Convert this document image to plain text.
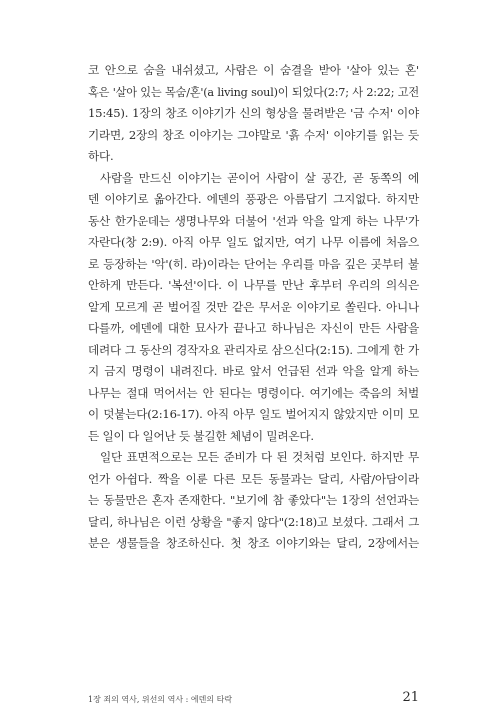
코 안으로 숨을 내쉬셨고, 사람은 이 숨결을 받아 '살아 있는 혼'
혹은 '살아 있는 목숨/혼'(a living soul)이 되었다(2:7; 사 2:22; 고전
15:45). 1장의 창조 이야기가 신의 형상을 물려받은 '금 수저' 이야
기라면, 2장의 창조 이야기는 그야말로 '흙 수저' 이야기를 읽는 듯
하다.
사람을 만드신 이야기는 곧이어 사람이 살 공간, 곧 동쪽의 에
덴 이야기로 옮아간다. 에덴의 풍광은 아름답기 그지없다. 하지만
동산 한가운데는 생명나무와 더불어 '선과 악을 알게 하는 나무'가
자란다(창 2:9). 아직 아무 일도 없지만, 여기 나무 이름에 처음으
로 등장하는 '악'(히. 라)이라는 단어는 우리를 마음 깊은 곳부터 불
안하게 만든다. '복선'이다. 이 나무를 만난 후부터 우리의 의식은
알게 모르게 곧 벌어질 것만 같은 무서운 이야기로 쏠린다. 아니나
다를까, 에덴에 대한 묘사가 끝나고 하나님은 자신이 만든 사람을
데려다 그 동산의 경작자요 관리자로 삼으신다(2:15). 그에게 한 가
지 금지 명령이 내려진다. 바로 앞서 언급된 선과 악을 알게 하는
나무는 절대 먹어서는 안 된다는 명령이다. 여기에는 죽음의 처벌
이 덧붙는다(2:16-17). 아직 아무 일도 벌어지지 않았지만 이미 모
든 일이 다 일어난 듯 불길한 체념이 밀려온다.
일단 표면적으로는 모든 준비가 다 된 것처럼 보인다. 하지만 무
언가 아쉽다. 짝을 이룬 다른 모든 동물과는 달리, 사람/아담이라
는 동물만은 혼자 존재한다. "보기에 참 좋았다"는 1장의 선언과는
달리, 하나님은 이런 상황을 "좋지 않다"(2:18)고 보셨다. 그래서 그
분은 생물들을 창조하신다. 첫 창조 이야기와는 달리, 2장에서는
1장 죄의 역사, 위선의 역사 : 에덴의 타락	21
